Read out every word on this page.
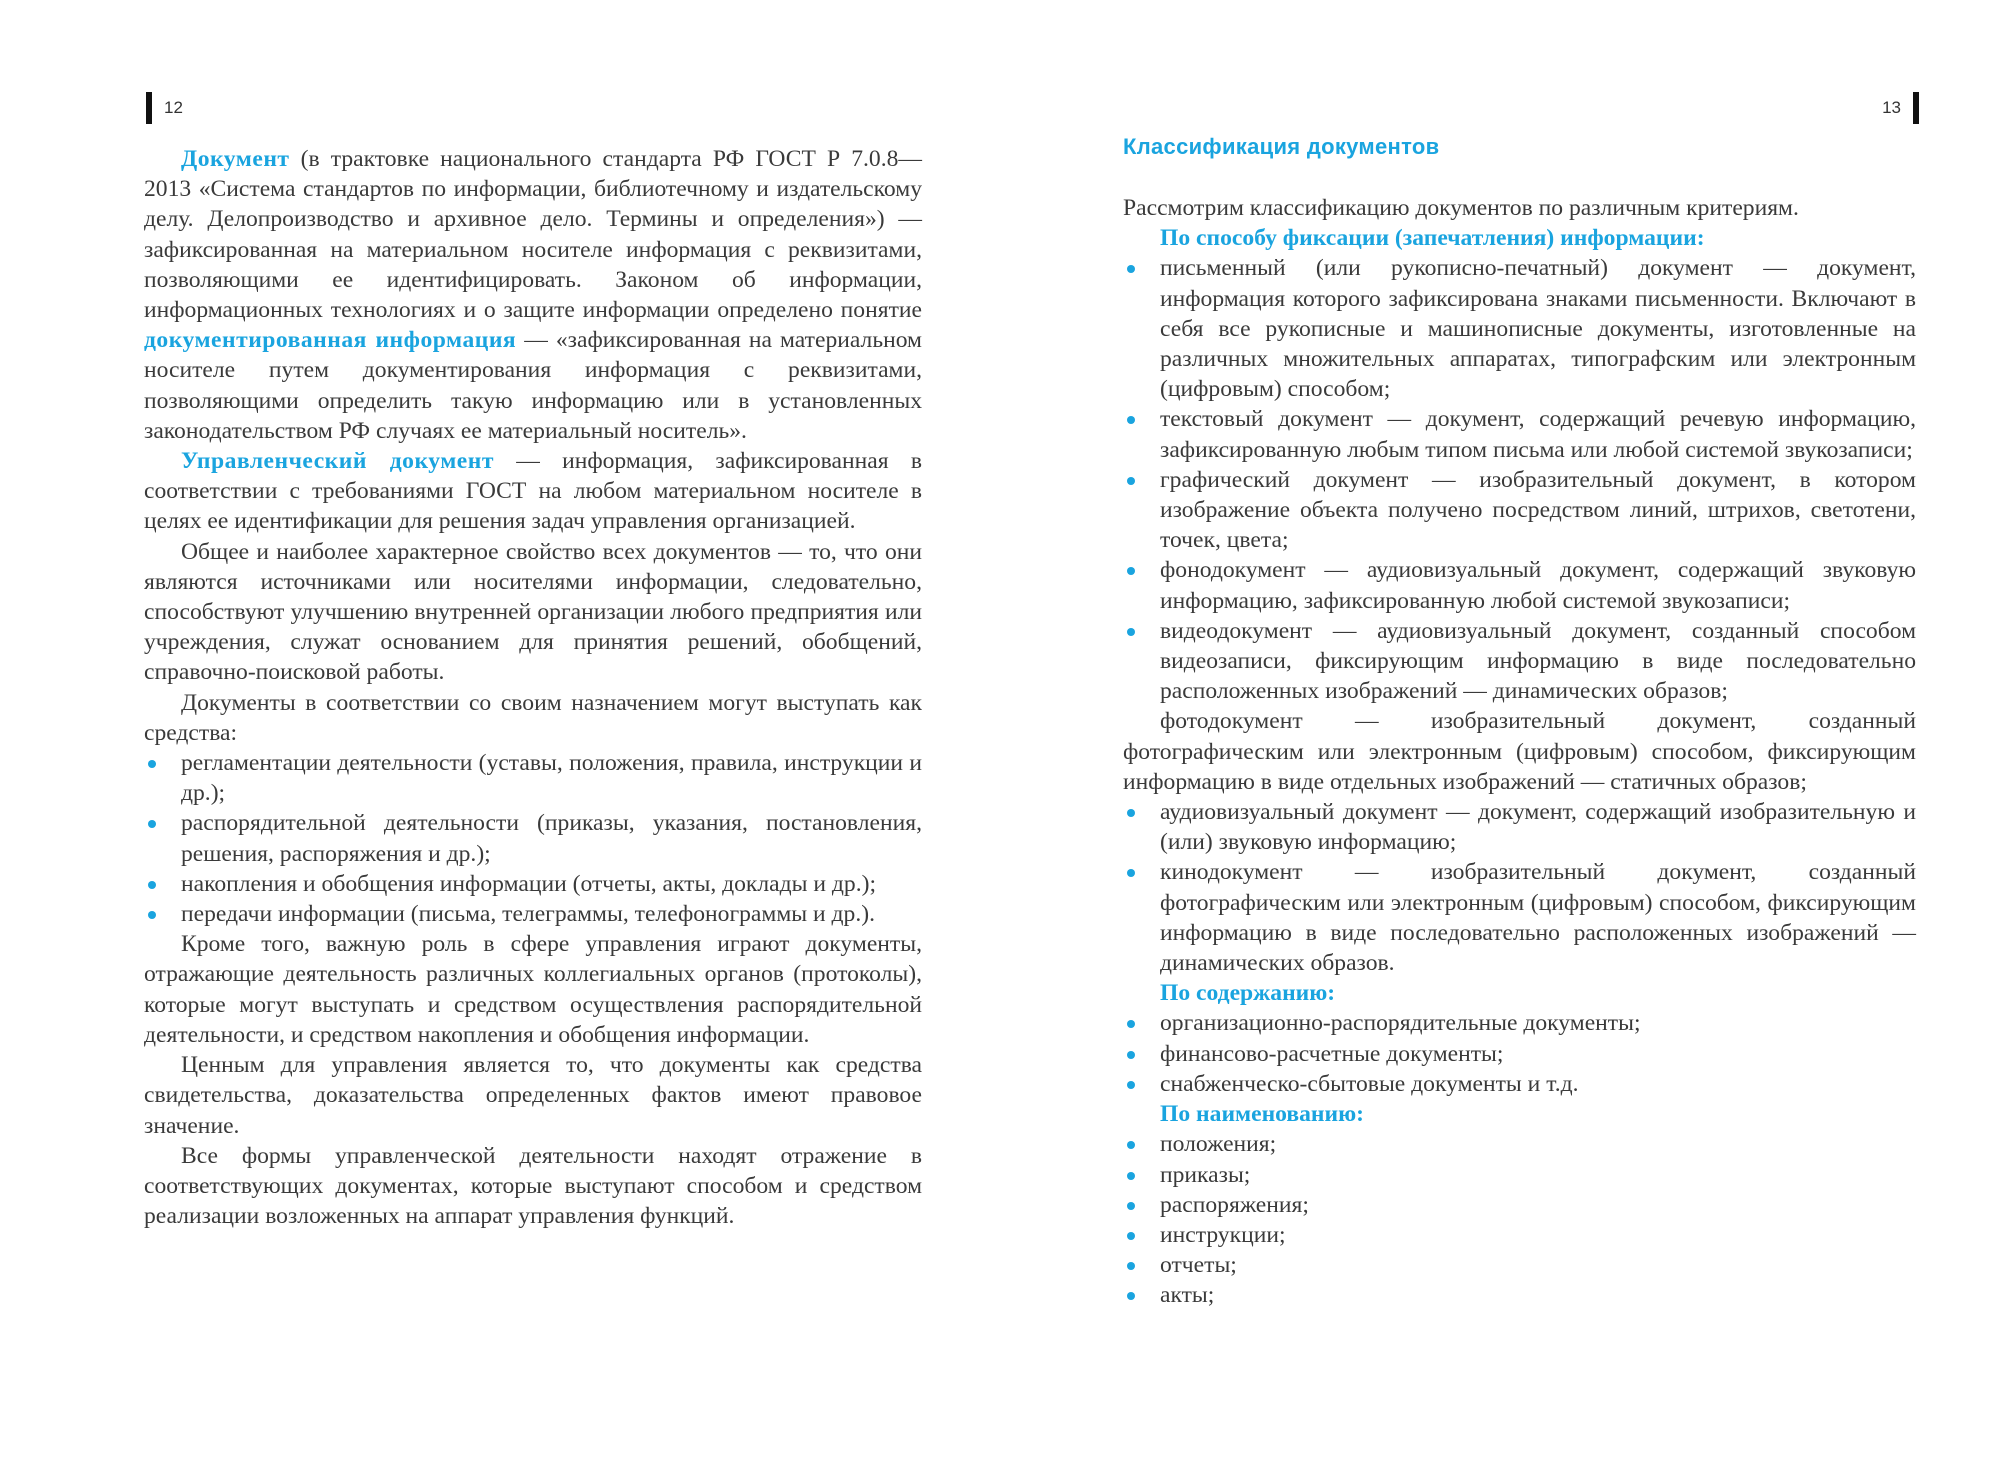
12

Документ (в трактовке национального стандарта РФ ГОСТ Р 7.0.8—2013 «Система стандартов по информации, библиотечному и издательскому делу. Делопроизводство и архивное дело. Термины и определения») — зафиксированная на материальном носителе информация с реквизитами, позволяющими ее идентифицировать. Законом об информации, информационных технологиях и о защите информации определено понятие документированная информация — «зафиксированная на материальном носителе путем документирования информация с реквизитами, позволяющими определить такую информацию или в установленных законодательством РФ случаях ее материальный носитель».

Управленческий документ — информация, зафиксированная в соответствии с требованиями ГОСТ на любом материальном носителе в целях ее идентификации для решения задач управления организацией.

Общее и наиболее характерное свойство всех документов — то, что они являются источниками или носителями информации, следовательно, способствуют улучшению внутренней организации любого предприятия или учреждения, служат основанием для принятия решений, обобщений, справочно-поисковой работы.

Документы в соответствии со своим назначением могут выступать как средства:

регламентации деятельности (уставы, положения, правила, инструкции и др.);
распорядительной деятельности (приказы, указания, постановления, решения, распоряжения и др.);
накопления и обобщения информации (отчеты, акты, доклады и др.);
передачи информации (письма, телеграммы, телефонограммы и др.).

Кроме того, важную роль в сфере управления играют документы, отражающие деятельность различных коллегиальных органов (протоколы), которые могут выступать и средством осуществления распорядительной деятельности, и средством накопления и обобщения информации.

Ценным для управления является то, что документы как средства свидетельства, доказательства определенных фактов имеют правовое значение.

Все формы управленческой деятельности находят отражение в соответствующих документах, которые выступают способом и средством реализации возложенных на аппарат управления функций.

13
Классификация документов

Рассмотрим классификацию документов по различным критериям.

По способу фиксации (запечатления) информации:

письменный (или рукописно-печатный) документ — документ, информация которого зафиксирована знаками письменности. Включают в себя все рукописные и машинописные документы, изготовленные на различных множительных аппаратах, типографским или электронным (цифровым) способом;
текстовый документ — документ, содержащий речевую информацию, зафиксированную любым типом письма или любой системой звукозаписи;
графический документ — изобразительный документ, в котором изображение объекта получено посредством линий, штрихов, светотени, точек, цвета;
фонодокумент — аудиовизуальный документ, содержащий звуковую информацию, зафиксированную любой системой звукозаписи;
видеодокумент — аудиовизуальный документ, созданный способом видеозаписи, фиксирующим информацию в виде последовательно расположенных изображений — динамических образов;

фотодокумент — изобразительный документ, созданный фотографическим или электронным (цифровым) способом, фиксирующим информацию в виде отдельных изображений — статичных образов;

аудиовизуальный документ — документ, содержащий изобразительную и (или) звуковую информацию;
кинодокумент — изобразительный документ, созданный фотографическим или электронным (цифровым) способом, фиксирующим информацию в виде последовательно расположенных изображений — динамических образов.

По содержанию:

организационно-распорядительные документы;
финансово-расчетные документы;
снабженческо-сбытовые документы и т.д.

По наименованию:

положения;
приказы;
распоряжения;
инструкции;
отчеты;
акты;
